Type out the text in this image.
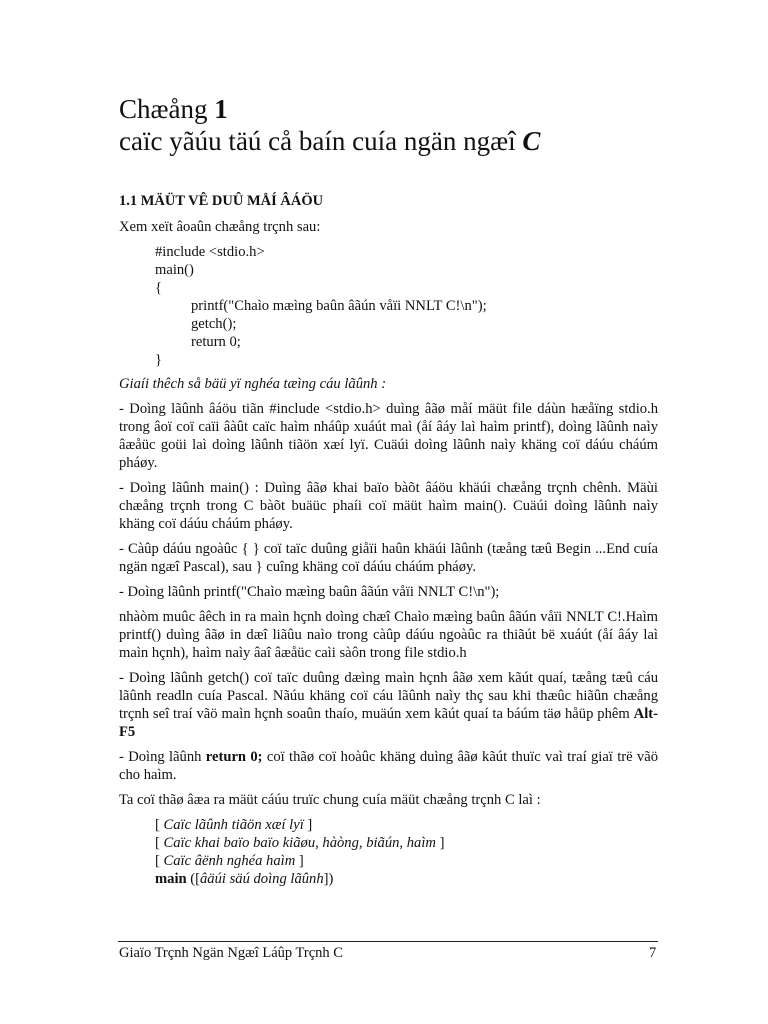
Chæång 1
caïc yãúu täú cå baín cuía ngän ngæî C
1.1 MÄÜT VÊ DUÛ MÅÍ ÂÁÖU

Xem xeït âoaûn chæång trçnh sau:

#include <stdio.h>
main()
{
printf("Chaìo mæìng baûn âãún våïi NNLT C!\n");
getch();
return 0;
}

Giaíi thêch så bäü yï nghéa tæìng cáu lãûnh :

- Doìng lãûnh âáöu tiãn #include <stdio.h> duìng âãø måí mäüt file dáùn hæåïng stdio.h trong âoï coï caïi âàût caïc haìm nháûp xuáút maì (åí âáy laì haìm printf), doìng lãûnh naìy âæåüc goüi laì doìng lãûnh tiãön xæí lyï. Cuäúi doìng lãûnh naìy khäng coï dáúu cháúm pháøy.

- Doìng lãûnh main() : Duìng âãø khai baïo bàõt âáöu khäúi chæång trçnh chênh. Mäùi chæång trçnh trong C bàõt buäüc phaíi coï mäüt haìm main(). Cuäúi doìng lãûnh naìy khäng coï dáúu cháúm pháøy.

- Càûp dáúu ngoàûc { } coï taïc duûng giåïi haûn khäúi lãûnh (tæång tæû Begin ...End cuía ngän ngæî Pascal), sau } cuîng khäng coï dáúu cháúm pháøy.

- Doìng lãûnh printf("Chaìo mæìng baûn âãún våïi NNLT C!\n");

nhàòm muûc âêch in ra maìn hçnh doìng chæî Chaìo mæìng baûn âãún våïi NNLT C!.Haìm printf() duìng âãø in dæî liãûu naìo trong càûp dáúu ngoàûc ra thiãút bë xuáút (åí âáy laì maìn hçnh), haìm naìy âaî âæåüc caìi sàôn trong file stdio.h

- Doìng lãûnh getch() coï taïc duûng dæìng maìn hçnh âãø xem kãút quaí, tæång tæû cáu lãûnh readln cuía Pascal. Nãúu khäng coï cáu lãûnh naìy thç sau khi thæûc hiãûn chæång trçnh seî traí vãö maìn hçnh soaûn thaío, muäún xem kãút quaí ta báúm täø håüp phêm Alt-F5

- Doìng lãûnh return 0; coï thãø coï hoàûc khäng duìng âãø kãút thuïc vaì traí giaï trë vãö cho haìm.

Ta coï thãø âæa ra mäüt cáúu truïc chung cuía mäüt chæång trçnh C laì :

[ Caïc lãûnh tiãön xæí lyï ]
[ Caïc khai baïo baïo kiãøu, hàòng, biãún, haìm ]
[ Caïc âënh nghéa haìm ]
main ([âäúi säú doìng lãûnh])
Giaïo Trçnh Ngän Ngæî Láûp Trçnh C	7
